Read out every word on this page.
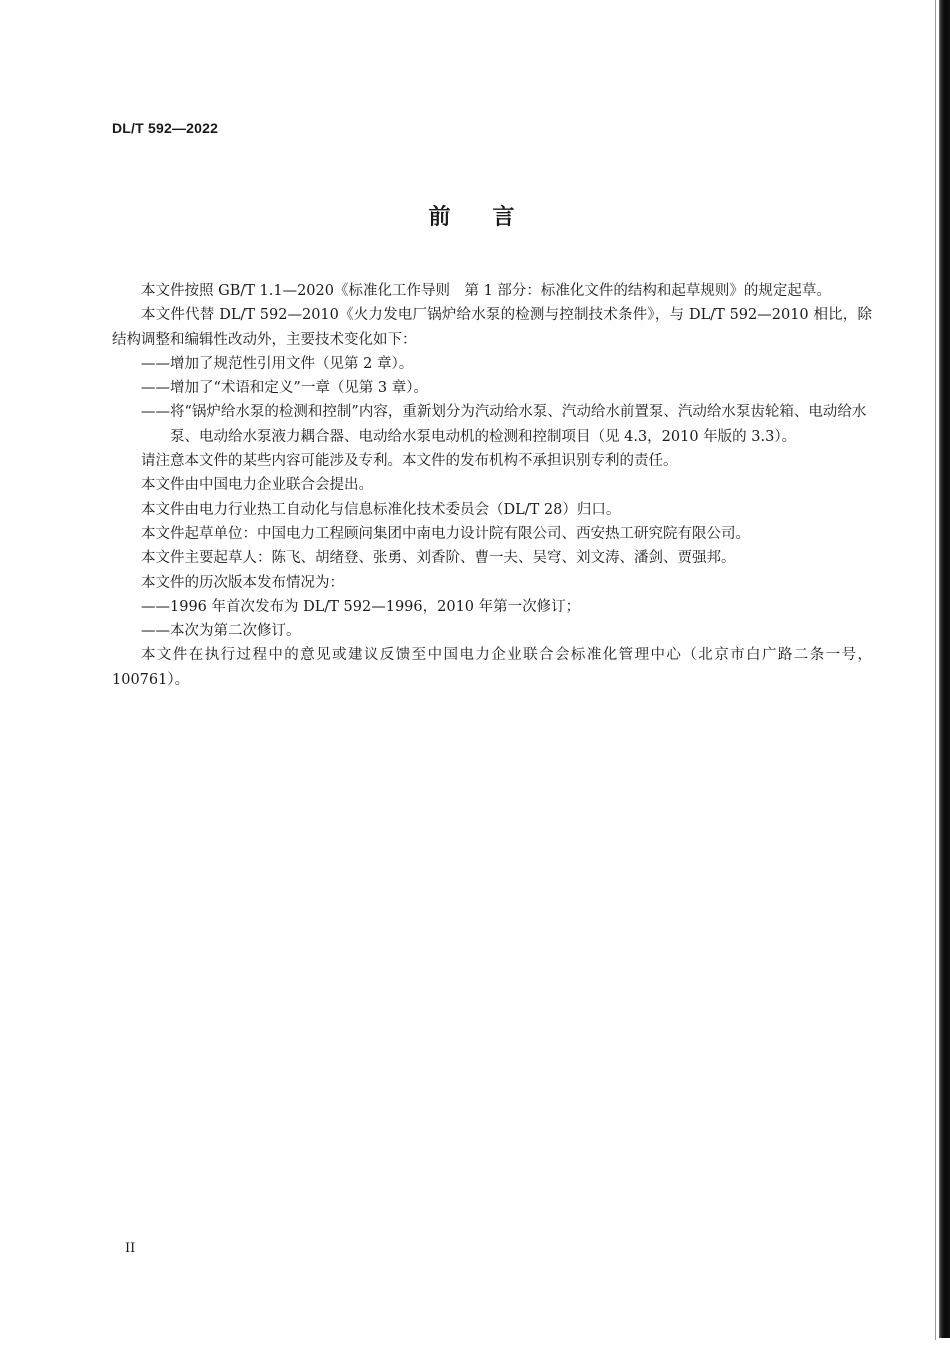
DL/T 592—2022
前言

本文件按照 GB/T 1.1—2020《标准化工作导则　第 1 部分：标准化文件的结构和起草规则》的规定起草。

本文件代替 DL/T 592—2010《火力发电厂锅炉给水泵的检测与控制技术条件》，与 DL/T 592—2010 相比，除结构调整和编辑性改动外，主要技术变化如下：

——增加了规范性引用文件（见第 2 章）。

——增加了“术语和定义”一章（见第 3 章）。

——将“锅炉给水泵的检测和控制”内容，重新划分为汽动给水泵、汽动给水前置泵、汽动给水泵齿轮箱、电动给水泵、电动给水泵液力耦合器、电动给水泵电动机的检测和控制项目（见 4.3，2010 年版的 3.3）。

请注意本文件的某些内容可能涉及专利。本文件的发布机构不承担识别专利的责任。

本文件由中国电力企业联合会提出。

本文件由电力行业热工自动化与信息标准化技术委员会（DL/T 28）归口。

本文件起草单位：中国电力工程顾问集团中南电力设计院有限公司、西安热工研究院有限公司。

本文件主要起草人：陈飞、胡绪登、张勇、刘香阶、曹一夫、吴穹、刘文涛、潘剑、贾强邦。

本文件的历次版本发布情况为：

——1996 年首次发布为 DL/T 592—1996，2010 年第一次修订；

——本次为第二次修订。

本文件在执行过程中的意见或建议反馈至中国电力企业联合会标准化管理中心（北京市白广路二条一号，100761）。

II
